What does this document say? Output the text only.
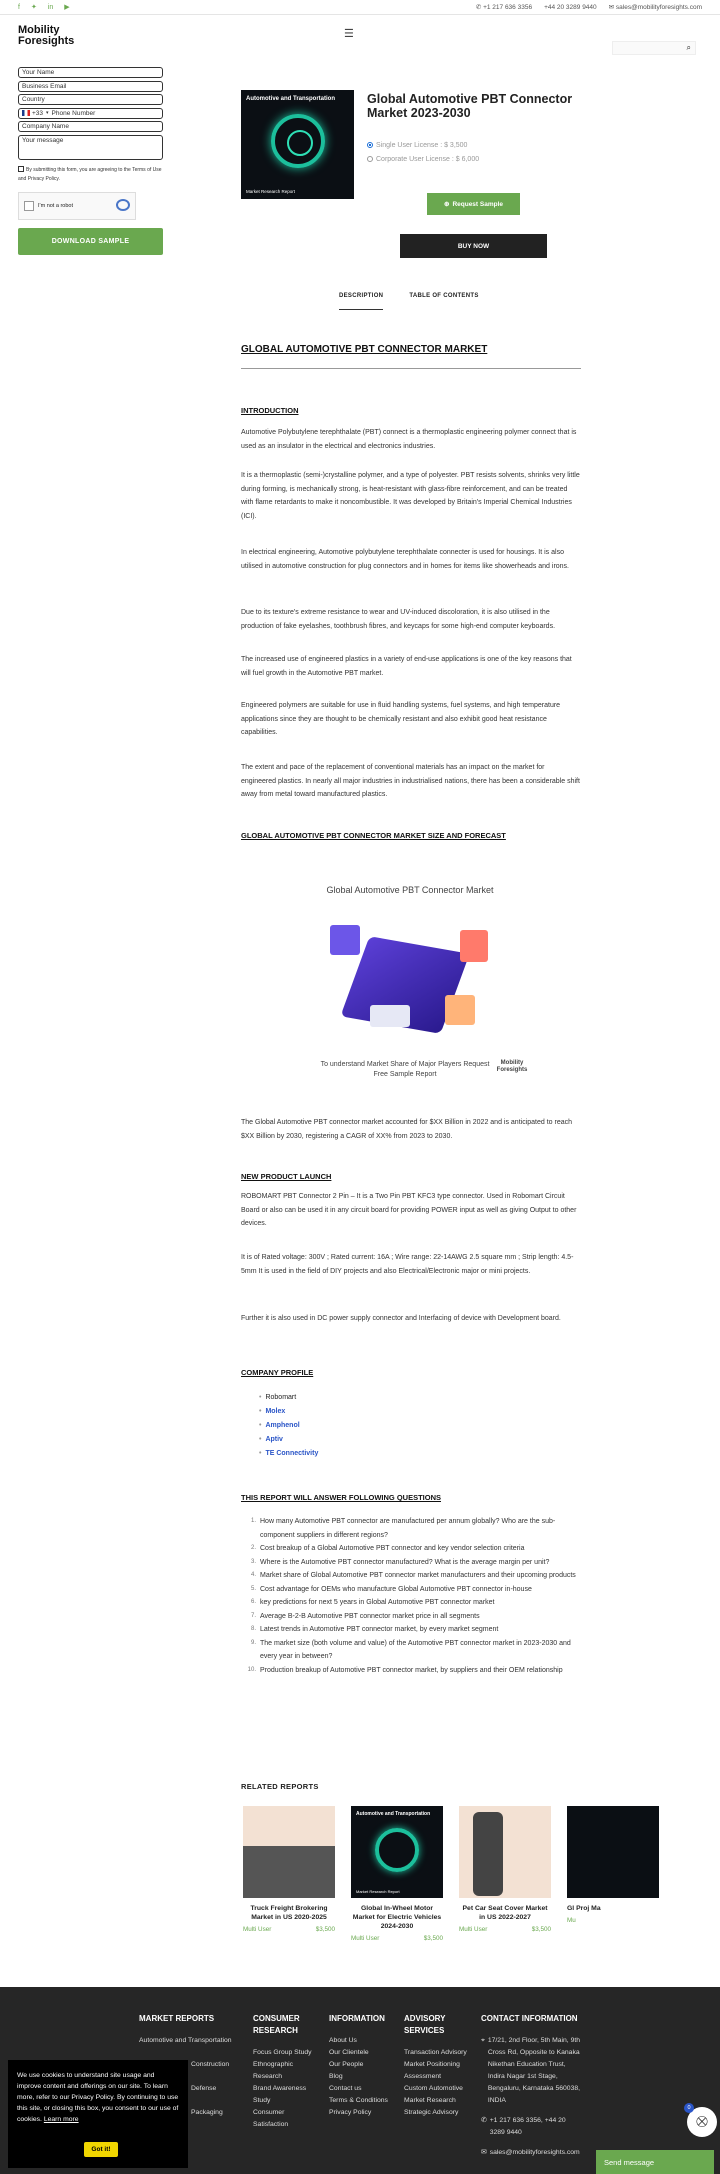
f ✦ in ▶	✆ +1 217 636 3356 +44 20 3289 9440 ✉ sales@mobilityforesights.com
Mobility
Foresights
☰
⌕
Your Name
Business Email
Country
+33 ▾ Phone Number
Company Name
Your message
By submitting this form, you are agreeing to the Terms of Use and Privacy Policy.
I'm not a robot
DOWNLOAD SAMPLE
Automotive and Transportation
Market Research Report
Global Automotive PBT Connector Market 2023-2030
Single User License : $ 3,500
Corporate User License : $ 6,000
⊕ Request Sample
BUY NOW
DESCRIPTION	TABLE OF CONTENTS
GLOBAL AUTOMOTIVE PBT CONNECTOR MARKET
INTRODUCTION

Automotive Polybutylene terephthalate (PBT) connect is a thermoplastic engineering polymer connect that is used as an insulator in the electrical and electronics industries.

It is a thermoplastic (semi-)crystalline polymer, and a type of polyester. PBT resists solvents, shrinks very little during forming, is mechanically strong, is heat-resistant with glass-fibre reinforcement, and can be treated with flame retardants to make it noncombustible. It was developed by Britain's Imperial Chemical Industries (ICI).

In electrical engineering, Automotive polybutylene terephthalate connecter is used for housings. It is also utilised in automotive construction for plug connectors and in homes for items like showerheads and irons.

Due to its texture's extreme resistance to wear and UV-induced discoloration, it is also utilised in the production of fake eyelashes, toothbrush fibres, and keycaps for some high-end computer keyboards.

The increased use of engineered plastics in a variety of end-use applications is one of the key reasons that will fuel growth in the Automotive PBT market.

Engineered polymers are suitable for use in fluid handling systems, fuel systems, and high temperature applications since they are thought to be chemically resistant and also exhibit good heat resistance capabilities.

The extent and pace of the replacement of conventional materials has an impact on the market for engineered plastics. In nearly all major industries in industrialised nations, there has been a considerable shift away from metal toward manufactured plastics.

GLOBAL AUTOMOTIVE PBT CONNECTOR MARKET SIZE AND FORECAST
Global Automotive PBT Connector Market
To understand Market Share of Major Players Request Free Sample Report
Mobility
Foresights

The Global Automotive PBT connector market accounted for $XX Billion in 2022 and is anticipated to reach $XX Billion by 2030, registering a CAGR of XX% from 2023 to 2030.

NEW PRODUCT LAUNCH

ROBOMART PBT Connector 2 Pin – It is a Two Pin PBT KFC3 type connector. Used in Robomart Circuit Board or also can be used it in any circuit board for providing POWER input as well as giving Output to other devices.

It is of Rated voltage: 300V ; Rated current: 16A ; Wire range: 22-14AWG 2.5 square mm ; Strip length: 4.5-5mm It is used in the field of DIY projects and also Electrical/Electronic major or mini projects.

Further it is also used in DC power supply connector and Interfacing of device with Development board.

COMPANY PROFILE
• Robomart
• Molex
• Amphenol
• Aptiv
• TE Connectivity
THIS REPORT WILL ANSWER FOLLOWING QUESTIONS
1. How many Automotive PBT connector are manufactured per annum globally? Who are the sub-component suppliers in different regions?
2. Cost breakup of a Global Automotive PBT connector and key vendor selection criteria
3. Where is the Automotive PBT connector manufactured? What is the average margin per unit?
4. Market share of Global Automotive PBT connector market manufacturers and their upcoming products
5. Cost advantage for OEMs who manufacture Global Automotive PBT connector in-house
6. key predictions for next 5 years in Global Automotive PBT connector market
7. Average B-2-B Automotive PBT connector market price in all segments
8. Latest trends in Automotive PBT connector market, by every market segment
9. The market size (both volume and value) of the Automotive PBT connector market in 2023-2030 and every year in between?
10. Production breakup of Automotive PBT connector market, by suppliers and their OEM relationship
RELATED REPORTS
Truck Freight Brokering Market in US 2020-2025
Multi User	$3,500
Automotive and Transportation
Market Research Report
Global In-Wheel Motor Market for Electric Vehicles 2024-2030
Multi User	$3,500
Pet Car Seat Cover Market in US 2022-2027
Multi User	$3,500
Gl Proj Ma
Mu
MARKET REPORTS
Automotive and Transportation
Construction
Defense
Packaging
CONSUMER RESEARCH
Focus Group Study
Ethnographic Research
Brand Awareness Study
Consumer Satisfaction
INFORMATION
About Us
Our Clientele
Our People
Blog
Contact us
Terms & Conditions
Privacy Policy
ADVISORY SERVICES
Transaction Advisory
Market Positioning Assessment
Custom Automotive Market Research
Strategic Advisory
CONTACT INFORMATION
⌖ 17/21, 2nd Floor, 5th Main, 9th Cross Rd, Opposite to Kanaka Nikethan Education Trust, Indira Nagar 1st Stage, Bengaluru, Karnataka 560038, INDIA
✆ +1 217 636 3356, +44 20 3289 9440
✉ sales@mobilityforesights.com
We use cookies to understand site usage and improve content and offerings on our site. To learn more, refer to our Privacy Policy. By continuing to use this site, or closing this box, you consent to our use of cookies. Learn more
Got it!
⛒
0
Send message
